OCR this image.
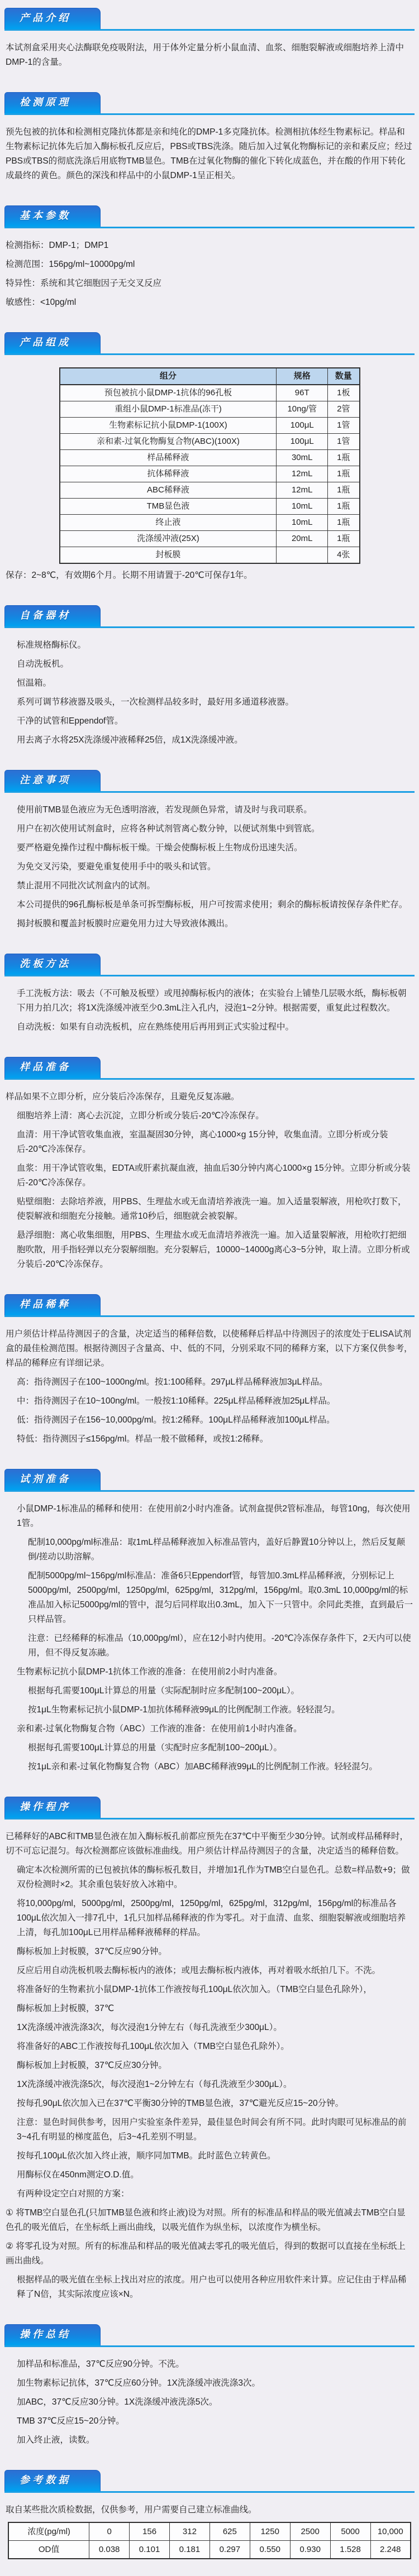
产品介绍

本试剂盒采用夹心法酶联免疫吸附法，用于体外定量分析小鼠血清、血浆、细胞裂解液或细胞培养上清中DMP-1的含量。

检测原理

预先包被的抗体和检测相克隆抗体都是亲和纯化的DMP-1多克隆抗体。检测相抗体经生物素标记。样品和生物素标记抗体先后加入酶标板孔反应后，PBS或TBS洗涤。随后加入过氧化物酶标记的亲和素反应；经过PBS或TBS的彻底洗涤后用底物TMB显色。TMB在过氧化物酶的催化下转化成蓝色，并在酸的作用下转化成最终的黄色。颜色的深浅和样品中的小鼠DMP-1呈正相关。

基本参数

检测指标：DMP-1；DMP1

检测范围：156pg/ml~10000pg/ml

特异性：系统和其它细胞因子无交叉反应

敏感性：<10pg/ml

产品组成
组分	规格	数量
预包被抗小鼠DMP-1抗体的96孔板	96T	1板
重组小鼠DMP-1标准品(冻干)	10ng/管	2管
生物素标记抗小鼠DMP-1(100X)	100μL	1管
亲和素-过氧化物酶复合物(ABC)(100X)	100μL	1管
样品稀释液	30mL	1瓶
抗体稀释液	12mL	1瓶
ABC稀释液	12mL	1瓶
TMB显色液	10mL	1瓶
终止液	10mL	1瓶
洗涤缓冲液(25X)	20mL	1瓶
封板膜		4张

保存：2~8℃，有效期6个月。长期不用请置于-20℃可保存1年。

自备器材

标准规格酶标仪。

自动洗板机。

恒温箱。

系列可调节移液器及吸头，一次检测样品较多时，最好用多通道移液器。

干净的试管和Eppendof管。

用去离子水将25X洗涤缓冲液稀释25倍，成1X洗涤缓冲液。

注意事项

使用前TMB显色液应为无色透明溶液，若发现颜色异常，请及时与我司联系。

用户在初次使用试剂盒时，应将各种试剂管离心数分钟，以便试剂集中到管底。

要严格避免操作过程中酶标板干燥。干燥会使酶标板上生物成份迅速失活。

为免交叉污染，要避免重复使用手中的吸头和试管。

禁止混用不同批次试剂盒内的试剂。

本公司提供的96孔酶标板是单条可拆型酶标板，用户可按需求使用；剩余的酶标板请按保存条件贮存。

揭封板膜和覆盖封板膜时应避免用力过大导致液体溅出。

洗板方法

手工洗板方法：吸去（不可触及板壁）或甩掉酶标板内的液体；在实验台上铺垫几层吸水纸，酶标板朝下用力拍几次；将1X洗涤缓冲液至少0.3mL注入孔内，浸泡1~2分钟。根据需要，重复此过程数次。

自动洗板：如果有自动洗板机，应在熟练使用后再用到正式实验过程中。

样品准备

样品如果不立即分析，应分装后冷冻保存，且避免反复冻融。

细胞培养上清：离心去沉淀，立即分析或分装后-20℃冷冻保存。

血清：用干净试管收集血液，室温凝固30分钟，离心1000×g 15分钟，收集血清。立即分析或分装后-20℃冷冻保存。

血浆：用干净试管收集，EDTA或肝素抗凝血液，抽血后30分钟内离心1000×g 15分钟。立即分析或分装后-20℃冷冻保存。

贴壁细胞：去除培养液，用PBS、生理盐水或无血清培养液洗一遍。加入适量裂解液，用枪吹打数下，使裂解液和细胞充分接触。通常10秒后，细胞就会被裂解。

悬浮细胞：离心收集细胞，用PBS、生理盐水或无血清培养液洗一遍。加入适量裂解液，用枪吹打把细胞吹散，用手指轻弹以充分裂解细胞。充分裂解后，10000~14000g离心3~5分钟，取上清。立即分析或分装后-20℃冷冻保存。

样品稀释

用户须估计样品待测因子的含量，决定适当的稀释倍数，以使稀释后样品中待测因子的浓度处于ELISA试剂盒的最佳检测范围。根据待测因子含量高、中、低的不同，分别采取不同的稀释方案，以下方案仅供参考，样品的稀释应有详细记录。

高：指待测因子在100~1000ng/ml。按1:100稀释。297μL样品稀释液加3μL样品。

中：指待测因子在10~100ng/ml。一般按1:10稀释。225μL样品稀释液加25μL样品。

低：指待测因子在156~10,000pg/ml。按1:2稀释。100μL样品稀释液加100μL样品。

特低：指待测因子≤156pg/ml。样品一般不做稀释，或按1:2稀释。

试剂准备

小鼠DMP-1标准品的稀释和使用：在使用前2小时内准备。试剂盒提供2管标准品，每管10ng，每次使用1管。

配制10,000pg/ml标准品：取1mL样品稀释液加入标准品管内，盖好后静置10分钟以上，然后反复颠倒/搓动以助溶解。

配制5000pg/ml~156pg/ml标准品：准备6只Eppendorf管，每管加0.3mL样品稀释液，分别标记上5000pg/ml，2500pg/ml，1250pg/ml，625pg/ml，312pg/ml，156pg/ml。取0.3mL 10,000pg/ml的标准品加入标记5000pg/ml的管中，混匀后同样取出0.3mL，加入下一只管中。余同此类推，直到最后一只样品管。

注意：已经稀释的标准品（10,000pg/ml），应在12小时内使用。-20℃冷冻保存条件下，2天内可以使用，但不得反复冻融。

生物素标记抗小鼠DMP-1抗体工作液的准备：在使用前2小时内准备。

根据每孔需要100μL计算总的用量（实际配制时应多配制100~200μL）。

按1μL生物素标记抗小鼠DMP-1加抗体稀释液99μL的比例配制工作液。轻轻混匀。

亲和素-过氧化物酶复合物（ABC）工作液的准备：在使用前1小时内准备。

根据每孔需要100μL计算总的用量（实配时应多配制100~200μL）。

按1μL亲和素-过氧化物酶复合物（ABC）加ABC稀释液99μL的比例配制工作液。轻轻混匀。

操作程序

已稀释好的ABC和TMB显色液在加入酶标板孔前都应预先在37℃中平衡至少30分钟。试剂或样品稀释时，切不可忘记混匀。每次检测都应该做标准曲线。用户须估计样品待测因子的含量，决定适当的稀释倍数。

确定本次检测所需的已包被抗体的酶标板孔数目，并增加1孔作为TMB空白显色孔。总数=样品数+9；做双份检测时×2。其余重包装好放入冰箱中。

将10,000pg/ml，5000pg/ml，2500pg/ml，1250pg/ml，625pg/ml，312pg/ml，156pg/ml的标准品各100μL依次加入一排7孔中，1孔只加样品稀释液的作为零孔。对于血清、血浆、细胞裂解液或细胞培养上清，每孔加100μL已用样品稀释液稀释的样品。

酶标板加上封板膜，37℃反应90分钟。

反应后用自动洗板机吸去酶标板内的液体；或甩去酶标板内液体，再对着吸水纸拍几下。不洗。

将准备好的生物素抗小鼠DMP-1抗体工作液按每孔100μL依次加入。（TMB空白显色孔除外），

酶标板加上封板膜，37℃

1X洗涤缓冲液洗涤3次，每次浸泡1分钟左右（每孔洗液至少300μL）。

将准备好的ABC工作液按每孔100μL依次加入（TMB空白显色孔除外）。

酶标板加上封板膜，37℃反应30分钟。

1X洗涤缓冲液洗涤5次，每次浸泡1~2分钟左右（每孔洗液至少300μL）。

按每孔90μL依次加入已在37℃平衡30分钟的TMB显色液，37℃避光反应15~20分钟。

注意：显色时间供参考，因用户实验室条件差异，最佳显色时间会有所不同。此时肉眼可见标准品的前3~4孔有明显的梯度蓝色，后3~4孔差别不明显。

按每孔100μL依次加入终止液，顺序同加TMB。此时蓝色立转黄色。

用酶标仪在450nm测定O.D.值。

有两种设定空白对照的方案：

① 将TMB空白显色孔(只加TMB显色液和终止液)设为对照。所有的标准品和样品的吸光值减去TMB空白显色孔的吸光值后，在坐标纸上画出曲线，以吸光值作为纵坐标，以浓度作为横坐标。

② 将零孔设为对照。所有的标准品和样品的吸光值减去零孔的吸光值后，得到的数据可以直接在坐标纸上画出曲线。

根据样品的吸光值在坐标上找出对应的浓度。用户也可以使用各种应用软件来计算。应记住由于样品稀释了N倍，其实际浓度应该×N。

操作总结

加样品和标准品，37℃反应90分钟。不洗。

加生物素标记抗体，37℃反应60分钟。1X洗涤缓冲液洗涤3次。

加ABC，37℃反应30分钟。1X洗涤缓冲液洗涤5次。

TMB 37℃反应15~20分钟。

加入终止液，读数。

参考数据

取自某些批次质检数据，仅供参考，用户需要自己建立标准曲线。

浓度(pg/ml)	0	156	312	625	1250	2500	5000	10,000
OD值	0.038	0.101	0.181	0.297	0.550	0.930	1.528	2.248
